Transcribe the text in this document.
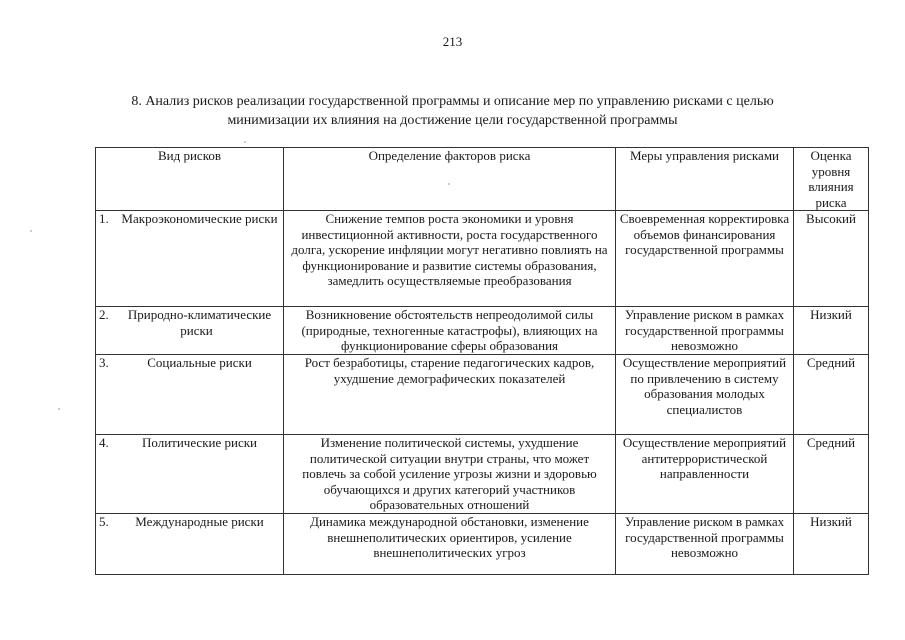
213
8. Анализ рисков реализации государственной программы и описание мер по управлению рисками с целью
минимизации их влияния на достижение цели государственной программы
Вид рисков	Определение факторов риска	Меры управления рисками	Оценка уровня влияния риска

1. Макроэкономические риски	Снижение темпов роста экономики и уровня инвестиционной активности, роста государственного долга, ускорение инфляции могут негативно повлиять на функционирование и развитие системы образования, замедлить осуществляемые преобразования	Своевременная корректировка объемов финансирования государственной программы	Высокий

2. Природно-климатические риски	Возникновение обстоятельств непреодолимой силы (природные, техногенные катастрофы), влияющих на функционирование сферы образования	Управление риском в рамках государственной программы невозможно	Низкий

3. Социальные риски	Рост безработицы, старение педагогических кадров, ухудшение демографических показателей	Осуществление мероприятий по привлечению в систему образования молодых специалистов	Средний

4. Политические риски	Изменение политической системы, ухудшение политической ситуации внутри страны, что может повлечь за собой усиление угрозы жизни и здоровью обучающихся и других категорий участников образовательных отношений	Осуществление мероприятий антитеррористической направленности	Средний

5. Международные риски	Динамика международной обстановки, изменение внешнеполитических ориентиров, усиление внешнеполитических угроз	Управление риском в рамках государственной программы невозможно	Низкий
